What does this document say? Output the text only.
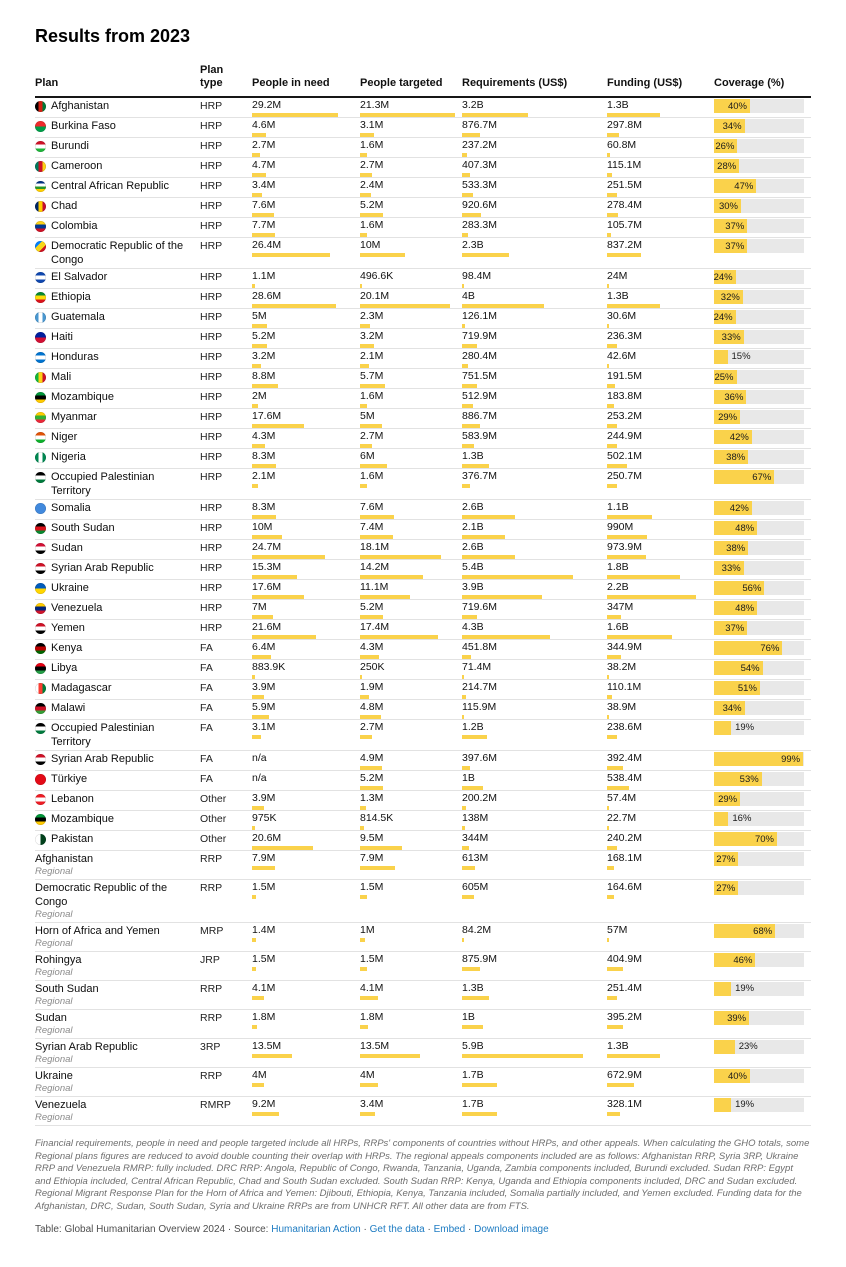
Results from 2023
Plan	Plan type	People in need	People targeted	Requirements (US$)	Funding (US$)	Coverage (%)

Afghanistan	HRP	29.2M	21.3M	3.2B	1.3B	40%

Burkina Faso	HRP	4.6M	3.1M	876.7M	297.8M	34%

Burundi	HRP	2.7M	1.6M	237.2M	60.8M	26%

Cameroon	HRP	4.7M	2.7M	407.3M	115.1M	28%

Central African Republic	HRP	3.4M	2.4M	533.3M	251.5M	47%

Chad	HRP	7.6M	5.2M	920.6M	278.4M	30%

Colombia	HRP	7.7M	1.6M	283.3M	105.7M	37%

Democratic Republic of the Congo	HRP	26.4M	10M	2.3B	837.2M	37%

El Salvador	HRP	1.1M	496.6K	98.4M	24M	24%

Ethiopia	HRP	28.6M	20.1M	4B	1.3B	32%

Guatemala	HRP	5M	2.3M	126.1M	30.6M	24%

Haiti	HRP	5.2M	3.2M	719.9M	236.3M	33%

Honduras	HRP	3.2M	2.1M	280.4M	42.6M	15%

Mali	HRP	8.8M	5.7M	751.5M	191.5M	25%

Mozambique	HRP	2M	1.6M	512.9M	183.8M	36%

Myanmar	HRP	17.6M	5M	886.7M	253.2M	29%

Niger	HRP	4.3M	2.7M	583.9M	244.9M	42%

Nigeria	HRP	8.3M	6M	1.3B	502.1M	38%

Occupied Palestinian Territory	HRP	2.1M	1.6M	376.7M	250.7M	67%

Somalia	HRP	8.3M	7.6M	2.6B	1.1B	42%

South Sudan	HRP	10M	7.4M	2.1B	990M	48%

Sudan	HRP	24.7M	18.1M	2.6B	973.9M	38%

Syrian Arab Republic	HRP	15.3M	14.2M	5.4B	1.8B	33%

Ukraine	HRP	17.6M	11.1M	3.9B	2.2B	56%

Venezuela	HRP	7M	5.2M	719.6M	347M	48%

Yemen	HRP	21.6M	17.4M	4.3B	1.6B	37%

Kenya	FA	6.4M	4.3M	451.8M	344.9M	76%

Libya	FA	883.9K	250K	71.4M	38.2M	54%

Madagascar	FA	3.9M	1.9M	214.7M	110.1M	51%

Malawi	FA	5.9M	4.8M	115.9M	38.9M	34%

Occupied Palestinian Territory	FA	3.1M	2.7M	1.2B	238.6M	19%

Syrian Arab Republic	FA	n/a	4.9M	397.6M	392.4M	99%

Türkiye	FA	n/a	5.2M	1B	538.4M	53%

Lebanon	Other	3.9M	1.3M	200.2M	57.4M	29%

Mozambique	Other	975K	814.5K	138M	22.7M	16%

Pakistan	Other	20.6M	9.5M	344M	240.2M	70%

Afghanistan
Regional	RRP	7.9M	7.9M	613M	168.1M	27%

Democratic Republic of the Congo
Regional	RRP	1.5M	1.5M	605M	164.6M	27%

Horn of Africa and Yemen
Regional	MRP	1.4M	1M	84.2M	57M	68%

Rohingya
Regional	JRP	1.5M	1.5M	875.9M	404.9M	46%

South Sudan
Regional	RRP	4.1M	4.1M	1.3B	251.4M	19%

Sudan
Regional	RRP	1.8M	1.8M	1B	395.2M	39%

Syrian Arab Republic
Regional	3RP	13.5M	13.5M	5.9B	1.3B	23%

Ukraine
Regional	RRP	4M	4M	1.7B	672.9M	40%

Venezuela
Regional	RMRP	9.2M	3.4M	1.7B	328.1M	19%

Financial requirements, people in need and people targeted include all HRPs, RRPs' components of countries without HRPs, and other appeals. When calculating the GHO totals, some Regional plans figures are reduced to avoid double counting their overlap with HRPs. The regional appeals components included are as follows: Afghanistan RRP, Syria 3RP, Ukraine RRP and Venezuela RMRP: fully included. DRC RRP: Angola, Republic of Congo, Rwanda, Tanzania, Uganda, Zambia components included, Burundi excluded. Sudan RRP: Egypt and Ethiopia included, Central African Republic, Chad and South Sudan excluded. South Sudan RRP: Kenya, Uganda and Ethiopia components included, DRC and Sudan excluded. Regional Migrant Response Plan for the Horn of Africa and Yemen: Djibouti, Ethiopia, Kenya, Tanzania included, Somalia partially included, and Yemen excluded. Funding data for the Afghanistan, DRC, Sudan, South Sudan, Syria and Ukraine RRPs are from UNHCR RFT. All other data are from FTS.

Table: Global Humanitarian Overview 2024 · Source: Humanitarian Action · Get the data · Embed · Download image
